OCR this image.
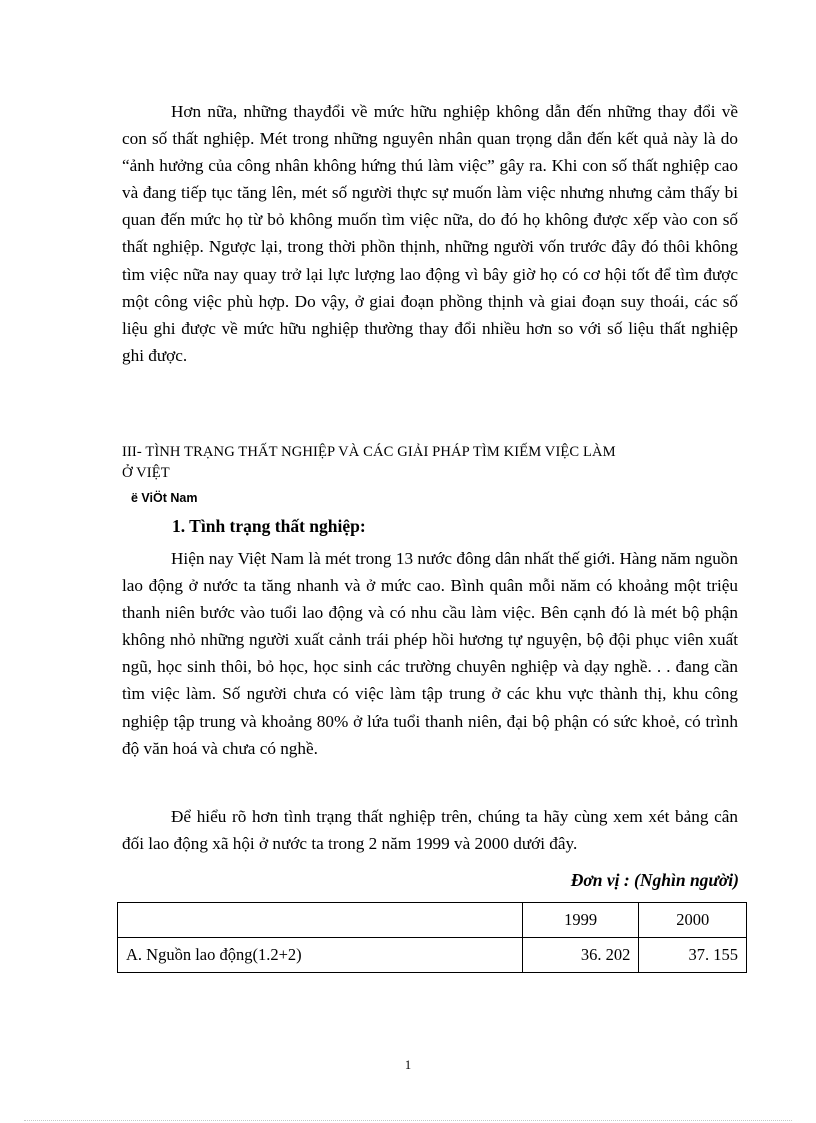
Hơn nữa, những thayđổi về mức hữu nghiệp không dẫn đến những thay đổi về con số thất nghiệp. Mét trong những nguyên nhân quan trọng dẫn đến kết quả này là do “ảnh hưởng của công nhân không hứng thú làm việc” gây ra. Khi con số thất nghiệp cao và đang tiếp tục tăng lên, mét số người thực sự muốn làm việc nhưng nhưng cảm thấy bi quan đến mức họ từ bỏ không muốn tìm việc nữa, do đó họ không được xếp vào con số thất nghiệp. Ngược lại, trong thời phồn thịnh, những người vốn trước đây đó thôi không tìm việc nữa nay quay trở lại lực lượng lao động vì bây giờ họ có cơ hội tốt để tìm được một công việc phù hợp. Do vậy, ở giai đoạn phồng thịnh và giai đoạn suy thoái, các số liệu ghi được về mức hữu nghiệp thường thay đổi nhiều hơn so với số liệu thất nghiệp ghi được.

III- TÌNH TRẠNG THẤT NGHIỆP VÀ CÁC GIẢI PHÁP TÌM KIẾM VIỆC LÀM
Ở VIỆT
ë ViÖt Nam
1. Tình trạng thất nghiệp:

Hiện nay Việt Nam là mét trong 13 nước đông dân nhất thế giới. Hàng năm nguồn lao động ở nước ta tăng nhanh và ở mức cao. Bình quân mỗi năm có khoảng một triệu thanh niên bước vào tuổi lao động và có nhu cầu làm việc. Bên cạnh đó là mét bộ phận không nhỏ những người xuất cảnh trái phép hồi hương tự nguyện, bộ đội phục viên xuất ngũ, học sinh thôi, bỏ học, học sinh các trường chuyên nghiệp và dạy nghề. . . đang cần tìm việc làm. Số người chưa có việc làm tập trung ở các khu vực thành thị, khu công nghiệp tập trung và khoảng 80% ở lứa tuổi thanh niên, đại bộ phận có sức khoẻ, có trình độ văn hoá và chưa có nghề.

Để hiểu rõ hơn tình trạng thất nghiệp trên, chúng ta hãy cùng xem xét bảng cân đối lao động xã hội ở nước ta trong 2 năm 1999 và 2000 dưới đây.

Đơn vị : (Nghìn người)
	1999	2000
A. Nguồn lao động(1.2+2)	36. 202	37. 155
1
